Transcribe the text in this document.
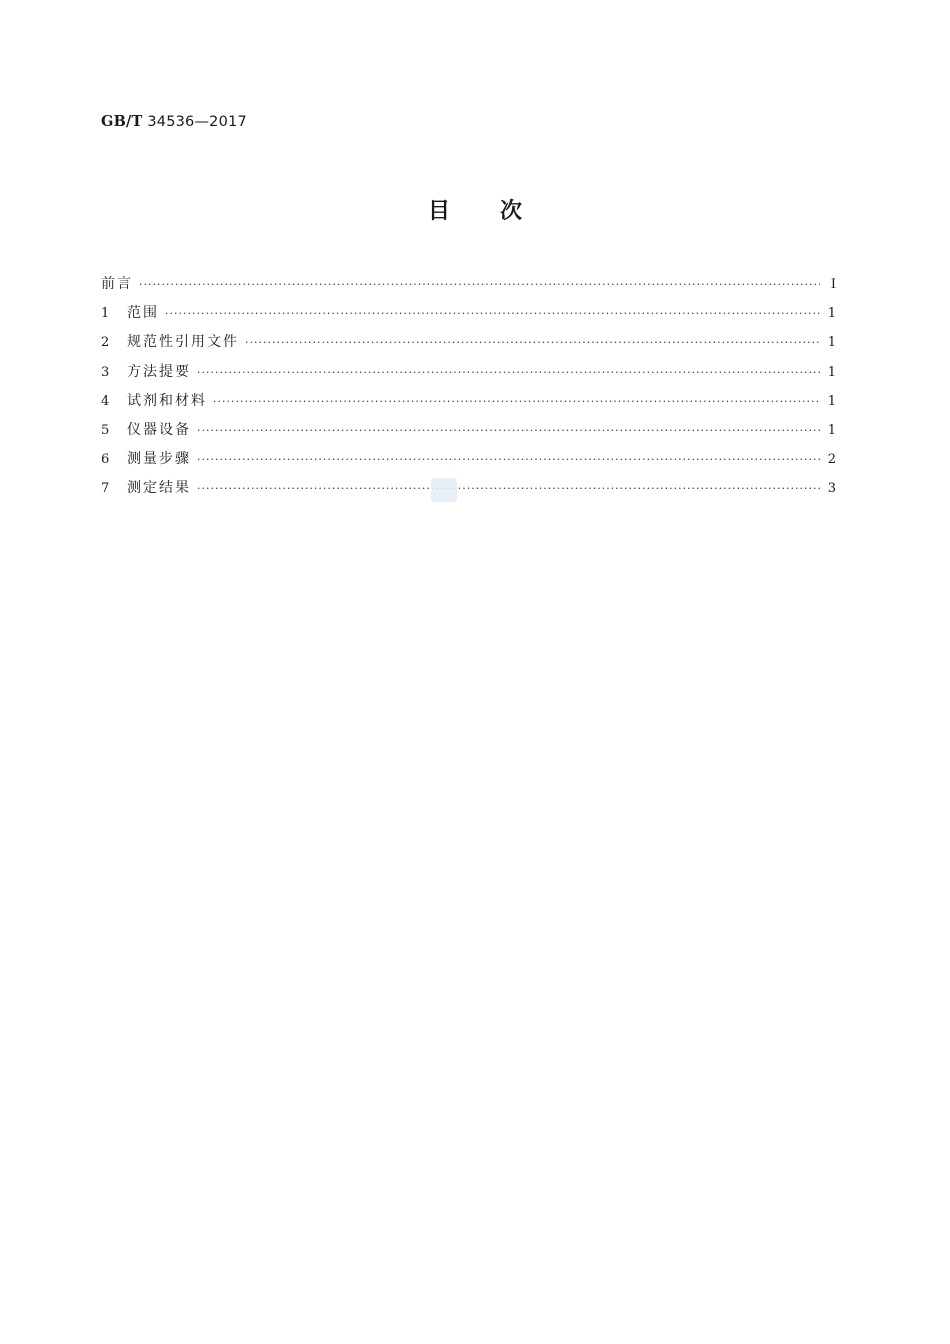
GB/T 34536—2017
目 次
前言 ·····	Ⅰ
1	范围 ·····	1
2	规范性引用文件 ·····	1
3	方法提要 ·····	1
4	试剂和材料 ·····	1
5	仪器设备 ·····	1
6	测量步骤 ·····	2
7	测定结果 ·····	3
